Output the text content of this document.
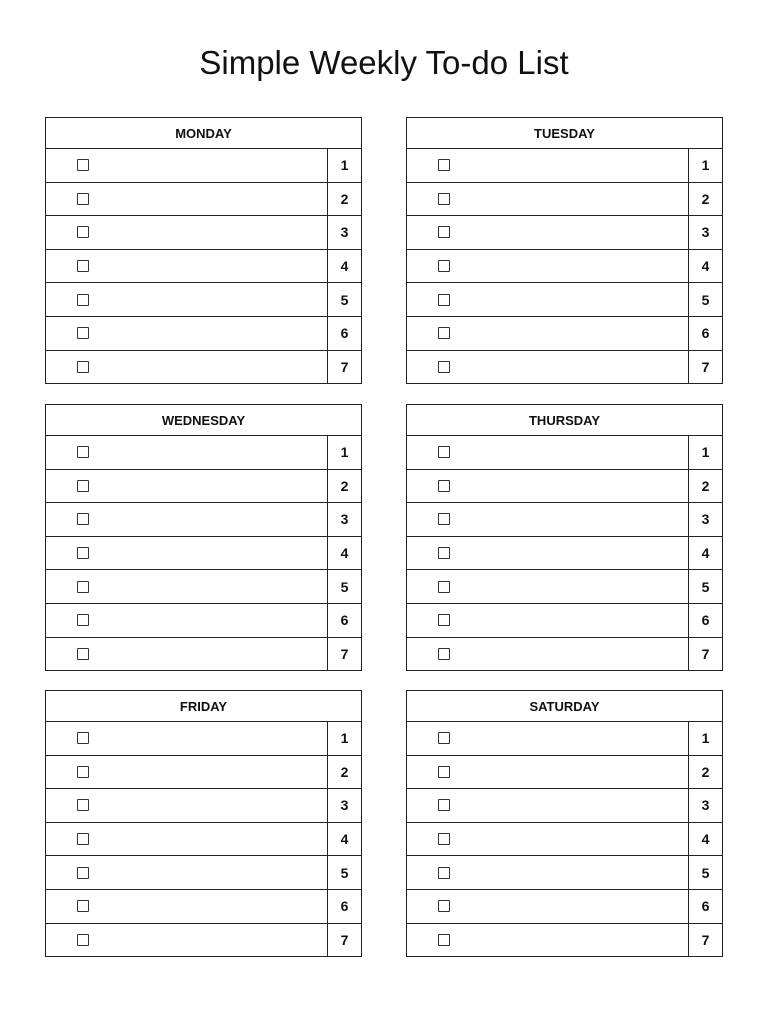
Simple Weekly To-do List
MONDAY
1
2
3
4
5
6
7
TUESDAY
1
2
3
4
5
6
7
WEDNESDAY
1
2
3
4
5
6
7
THURSDAY
1
2
3
4
5
6
7
FRIDAY
1
2
3
4
5
6
7
SATURDAY
1
2
3
4
5
6
7
